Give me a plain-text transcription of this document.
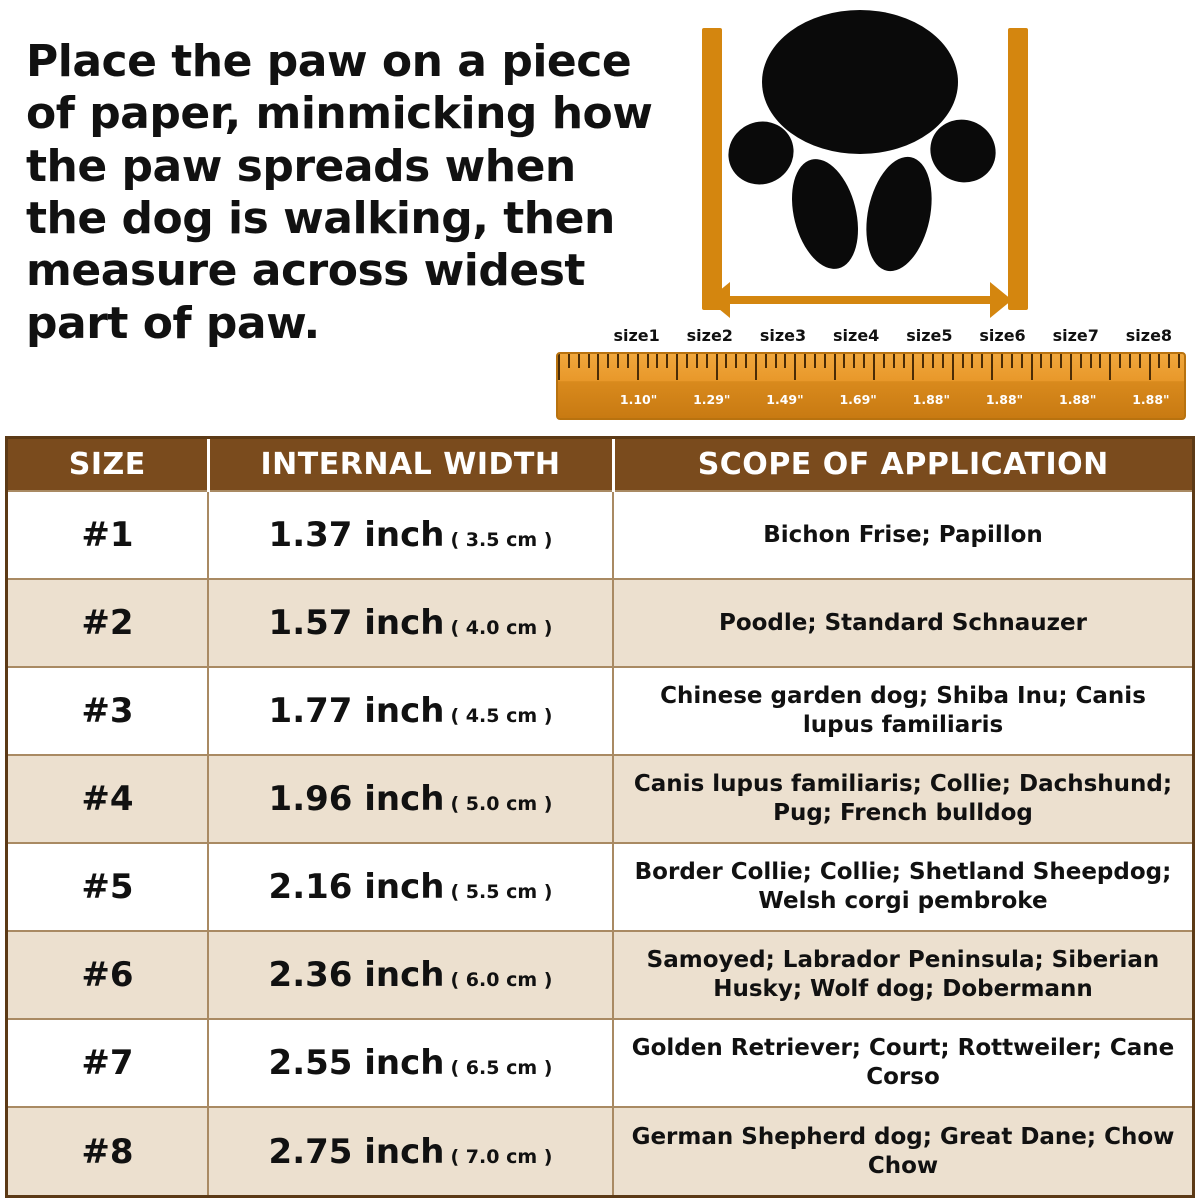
Place the paw on a piece of paper, minmicking how the paw spreads when the dog is walking, then measure across widest part of paw.	size1	size2	size3	size4	size5	size6	size7	size8
1.10"	1.29"	1.49"	1.69"	1.88"	1.88"	1.88"	1.88"
SIZE	INTERNAL WIDTH	SCOPE OF APPLICATION
#1	1.37 inch ( 3.5 cm )	Bichon Frise; Papillon
#2	1.57 inch ( 4.0 cm )	Poodle; Standard Schnauzer
#3	1.77 inch ( 4.5 cm )	Chinese garden dog; Shiba Inu; Canis lupus familiaris
#4	1.96 inch ( 5.0 cm )	Canis lupus familiaris; Collie; Dachshund; Pug; French bulldog
#5	2.16 inch ( 5.5 cm )	Border Collie; Collie; Shetland Sheepdog; Welsh corgi pembroke
#6	2.36 inch ( 6.0 cm )	Samoyed; Labrador Peninsula; Siberian Husky; Wolf dog; Dobermann
#7	2.55 inch ( 6.5 cm )	Golden Retriever; Court; Rottweiler; Cane Corso
#8	2.75 inch ( 7.0 cm )	German Shepherd dog; Great Dane; Chow Chow
